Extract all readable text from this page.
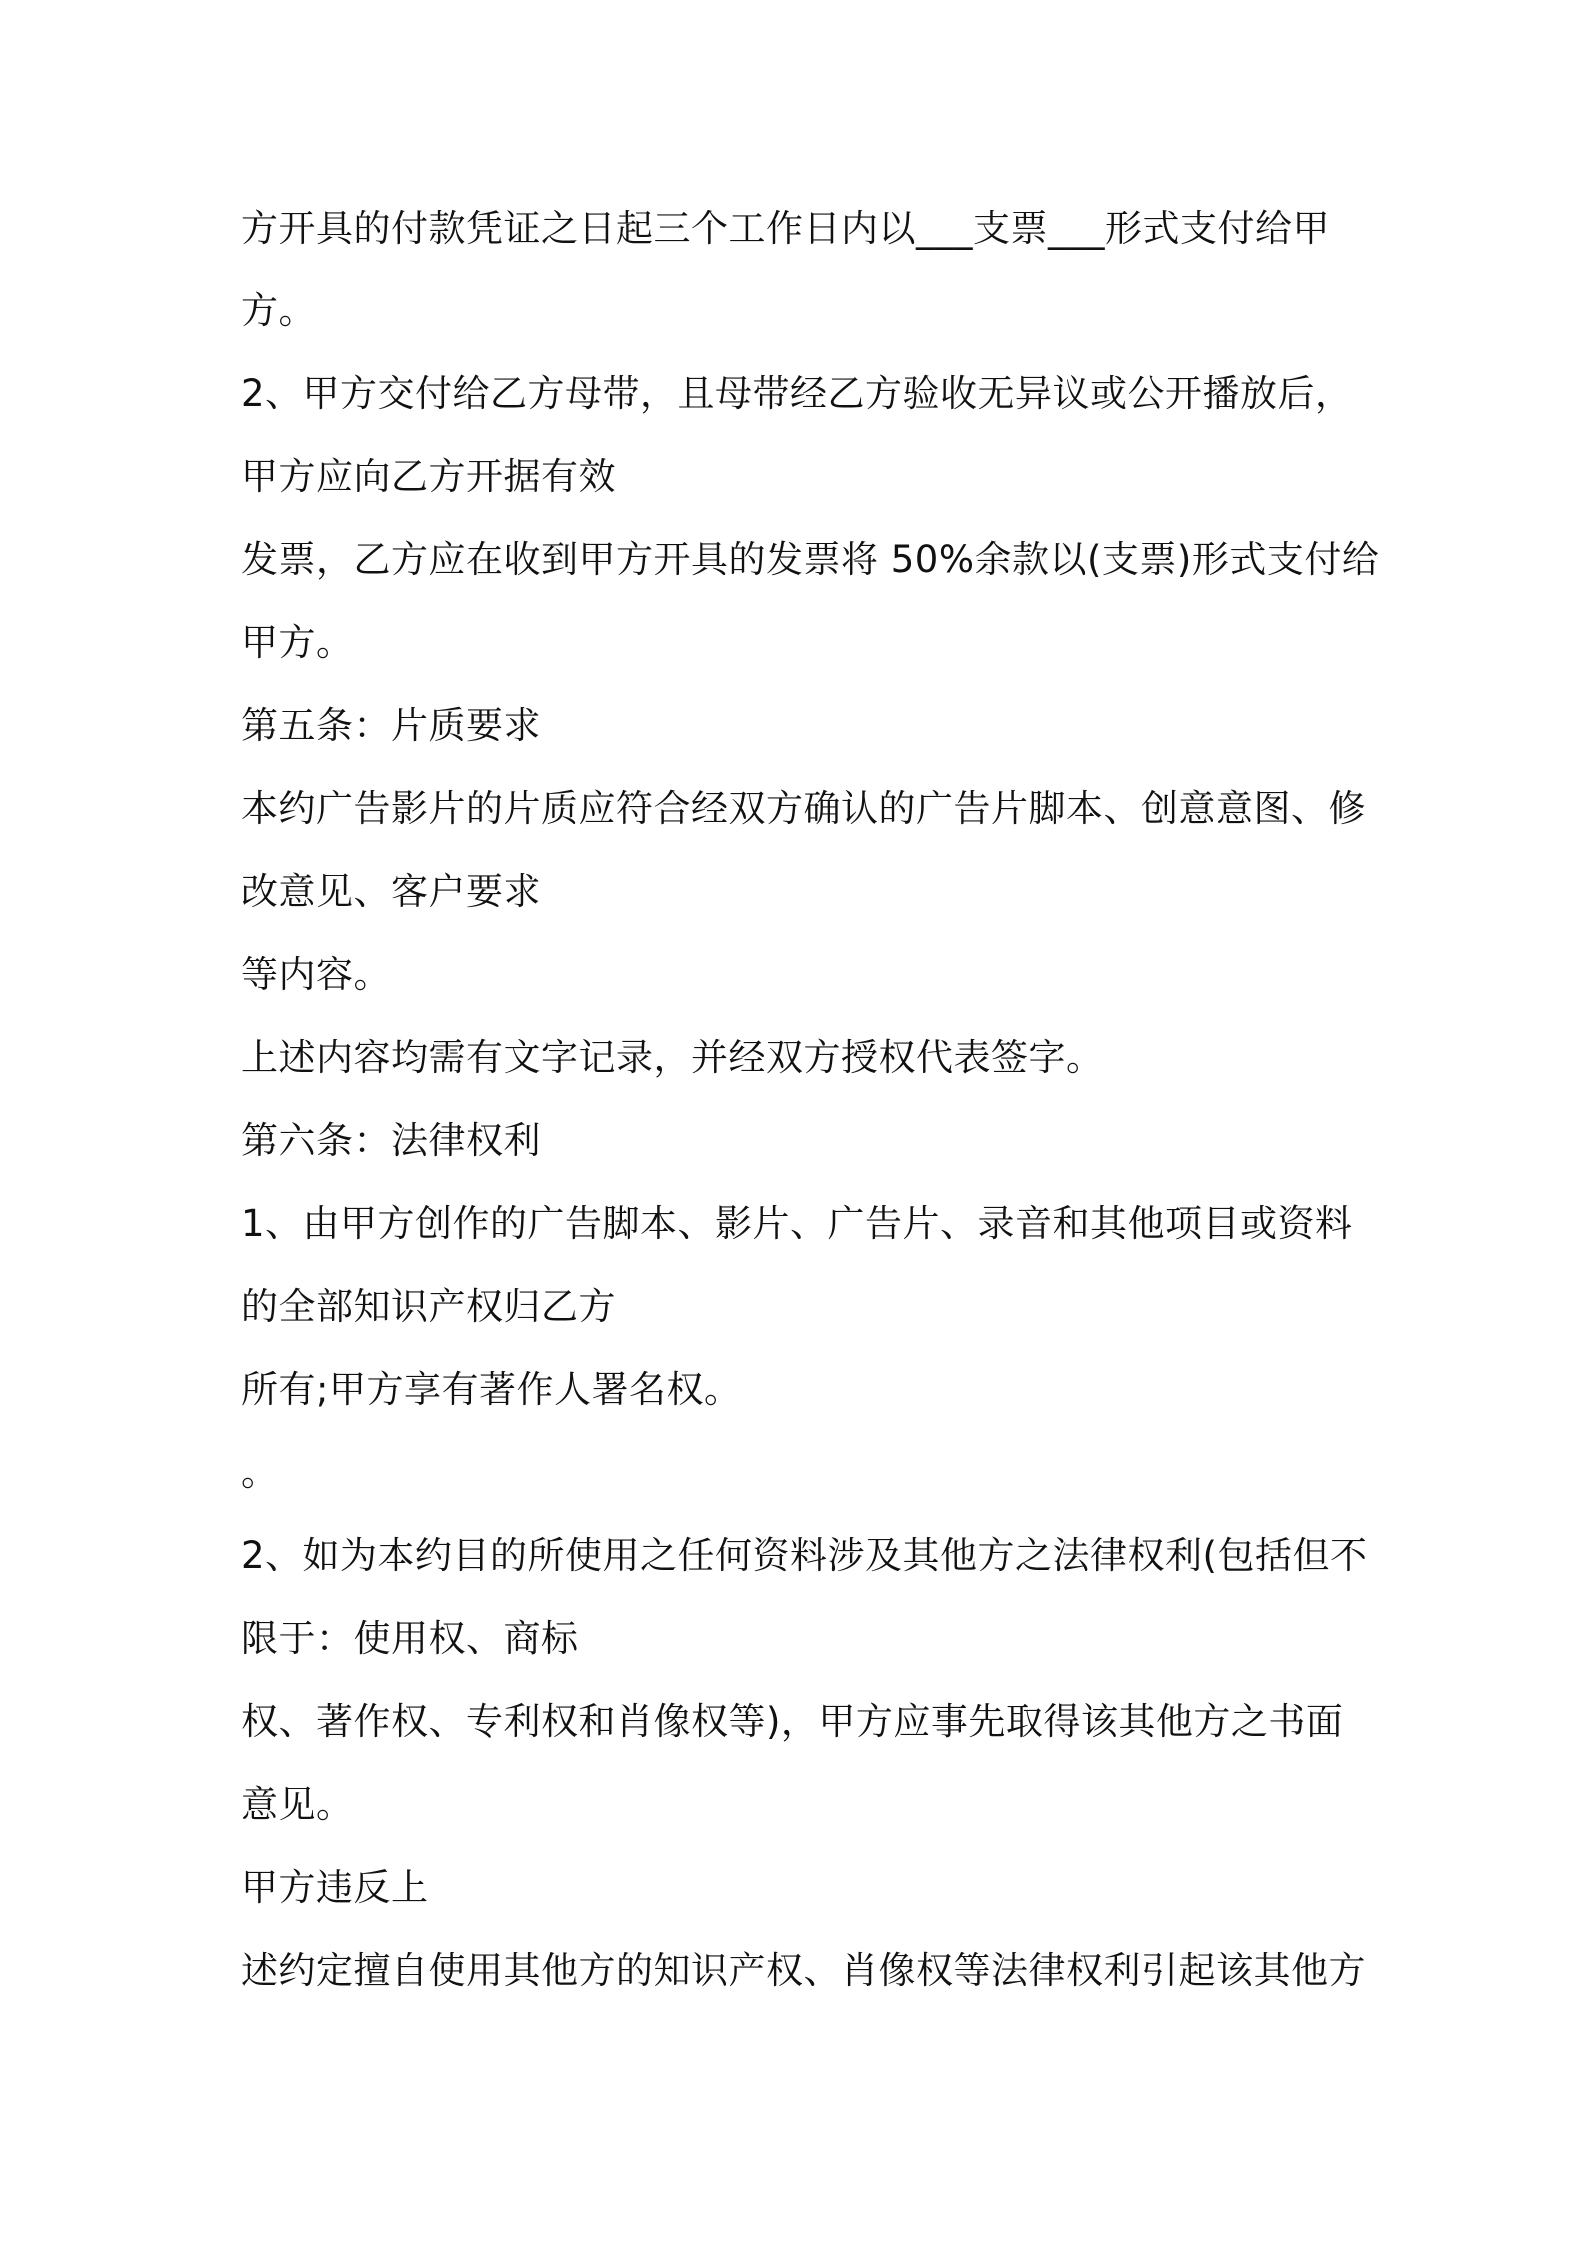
方开具的付款凭证之日起三个工作日内以___支票___形式支付给甲
方。
2、甲方交付给乙方母带，且母带经乙方验收无异议或公开播放后，
甲方应向乙方开据有效
发票，乙方应在收到甲方开具的发票将 50%余款以(支票)形式支付给
甲方。
第五条：片质要求
本约广告影片的片质应符合经双方确认的广告片脚本、创意意图、修
改意见、客户要求
等内容。
上述内容均需有文字记录，并经双方授权代表签字。
第六条：法律权利
1、由甲方创作的广告脚本、影片、广告片、录音和其他项目或资料
的全部知识产权归乙方
所有;甲方享有著作人署名权。
。
2、如为本约目的所使用之任何资料涉及其他方之法律权利(包括但不
限于：使用权、商标
权、著作权、专利权和肖像权等)，甲方应事先取得该其他方之书面
意见。
甲方违反上
述约定擅自使用其他方的知识产权、肖像权等法律权利引起该其他方
